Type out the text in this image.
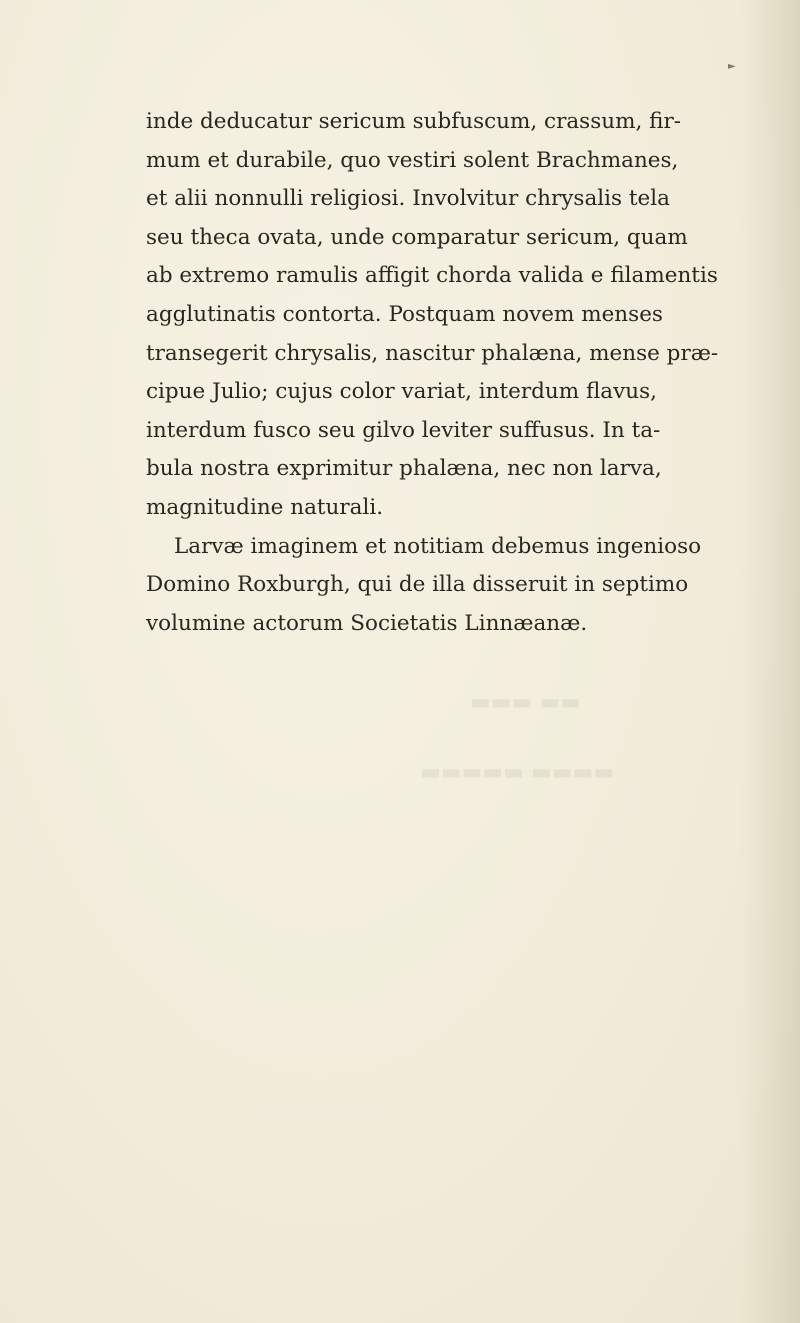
▬▬ ▬▬▬
▬▬▬▬ ▬▬▬▬▬
►
inde deducatur sericum subfuscum, crassum, fir-
mum et durabile, quo vestiri solent Brachmanes,
et alii nonnulli religiosi. Involvitur chrysalis tela
seu theca ovata, unde comparatur sericum, quam
ab extremo ramulis affigit chorda valida e filamentis
agglutinatis contorta. Postquam novem menses
transegerit chrysalis, nascitur phalæna, mense præ-
cipue Julio; cujus color variat, interdum flavus,
interdum fusco seu gilvo leviter suffusus. In ta-
bula nostra exprimitur phalæna, nec non larva,
magnitudine naturali.
Larvæ imaginem et notitiam debemus ingenioso
Domino Roxburgh, qui de illa disseruit in septimo
volumine actorum Societatis Linnæanæ.
